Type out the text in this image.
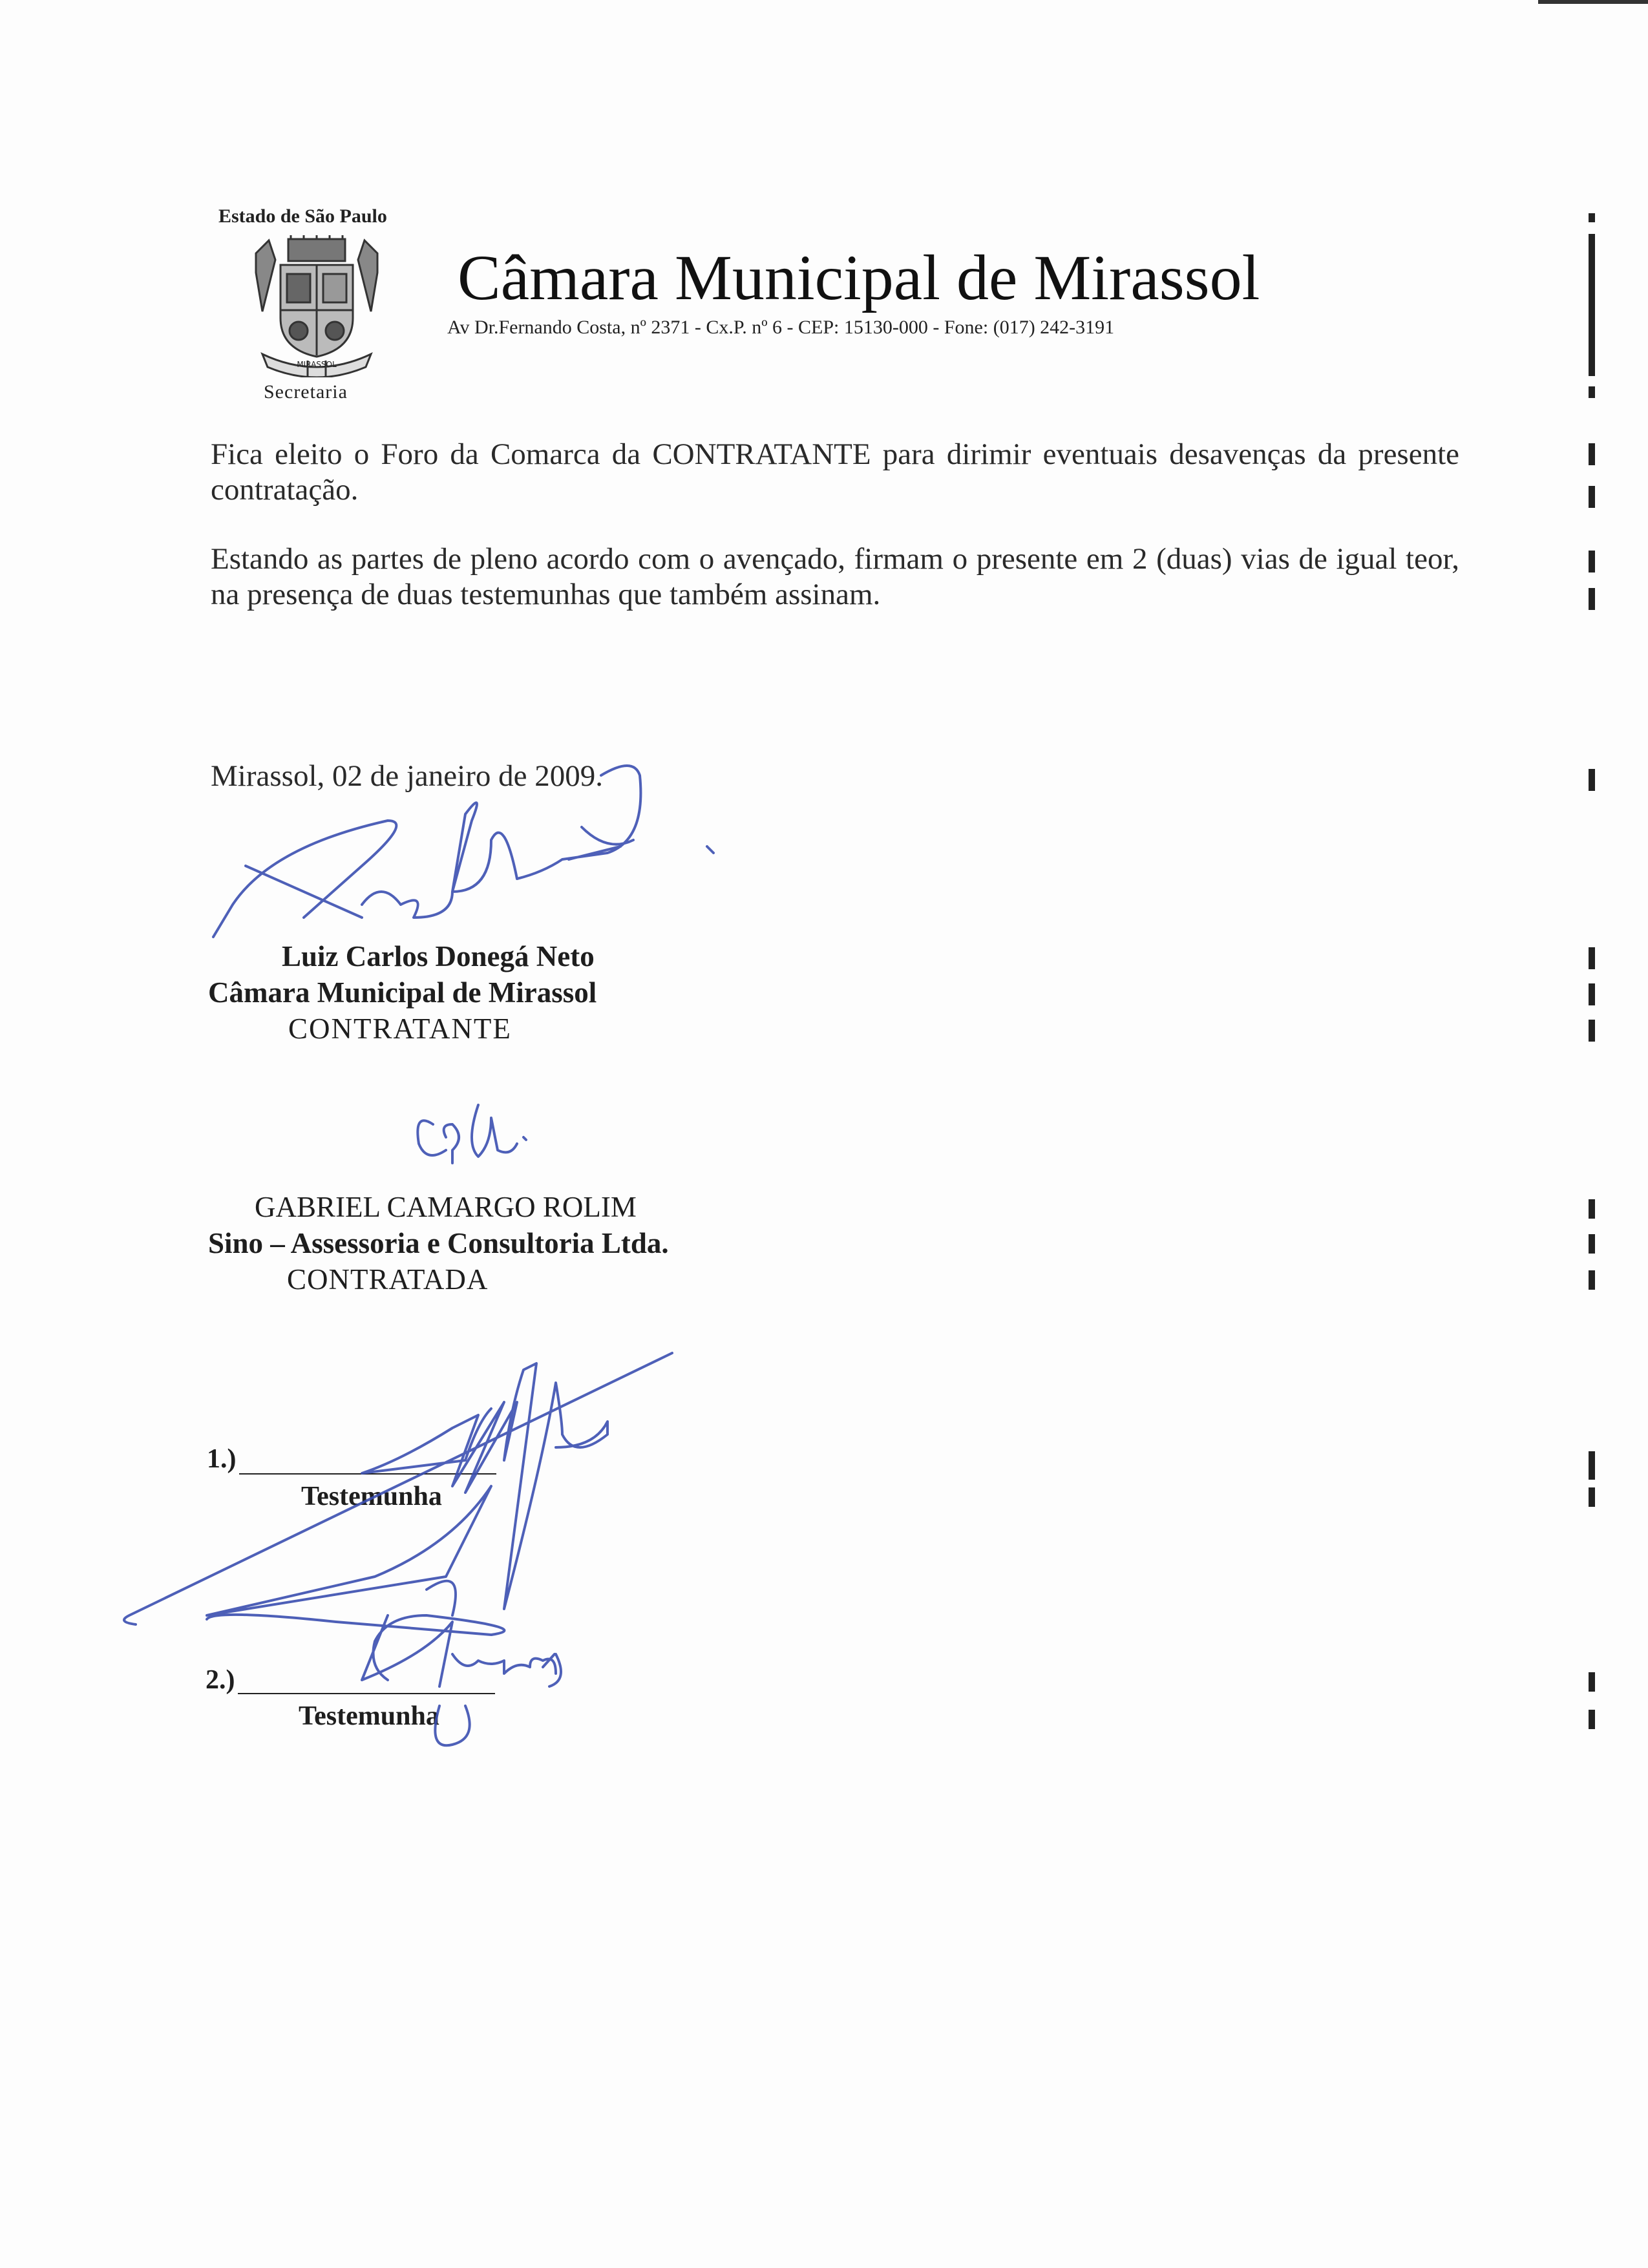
Estado de São Paulo
MIRASSOL
Secretaria
Câmara Municipal de Mirassol
Av Dr.Fernando Costa, nº 2371 - Cx.P. nº 6 - CEP: 15130-000 - Fone: (017) 242-3191
Fica eleito o Foro da Comarca da CONTRATANTE para dirimir eventuais desavenças da presente contratação.
Estando as partes de pleno acordo com o avençado, firmam o presente em 2 (duas) vias de igual teor, na presença de duas testemunhas que também assinam.
Mirassol, 02 de janeiro de 2009.
Luiz Carlos Donegá Neto
Câmara Municipal de Mirassol
CONTRATANTE
GABRIEL CAMARGO ROLIM
Sino – Assessoria e Consultoria Ltda.
CONTRATADA
1.)
Testemunha
2.)
Testemunha
